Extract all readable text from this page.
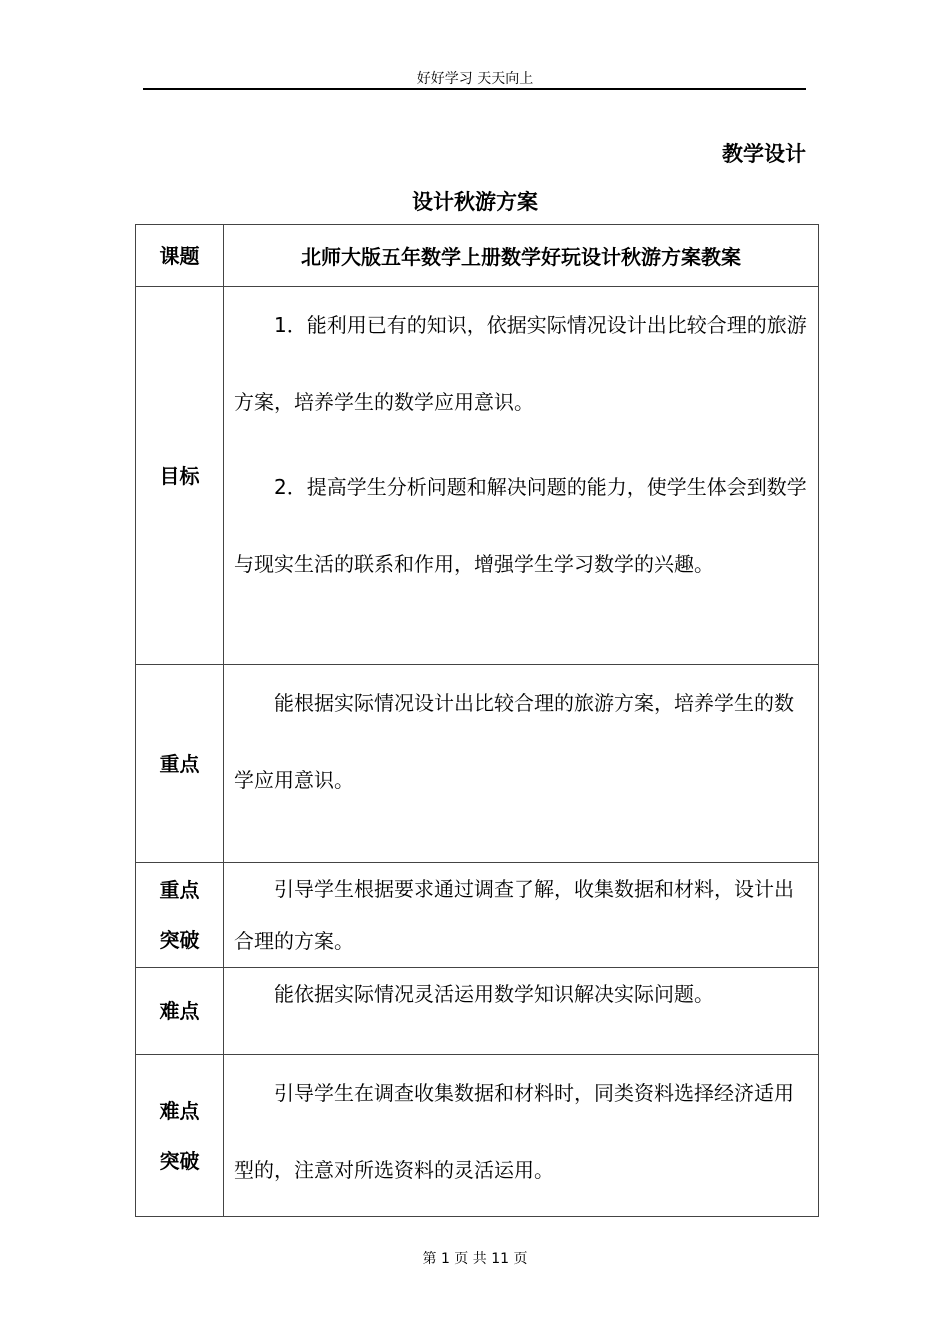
好好学习 天天向上
教学设计
设计秋游方案
课题	北师大版五年数学上册数学好玩设计秋游方案教案
目标	1．能利用已有的知识，依据实际情况设计出比较合理的旅游方案，培养学生的数学应用意识。

2．提高学生分析问题和解决问题的能力，使学生体会到数学与现实生活的联系和作用，增强学生学习数学的兴趣。

重点	能根据实际情况设计出比较合理的旅游方案，培养学生的数学应用意识。

重点
突破	引导学生根据要求通过调查了解，收集数据和材料，设计出合理的方案。

难点	能依据实际情况灵活运用数学知识解决实际问题。

难点
突破	引导学生在调查收集数据和材料时，同类资料选择经济适用型的，注意对所选资料的灵活运用。

第 1 页 共 11 页
